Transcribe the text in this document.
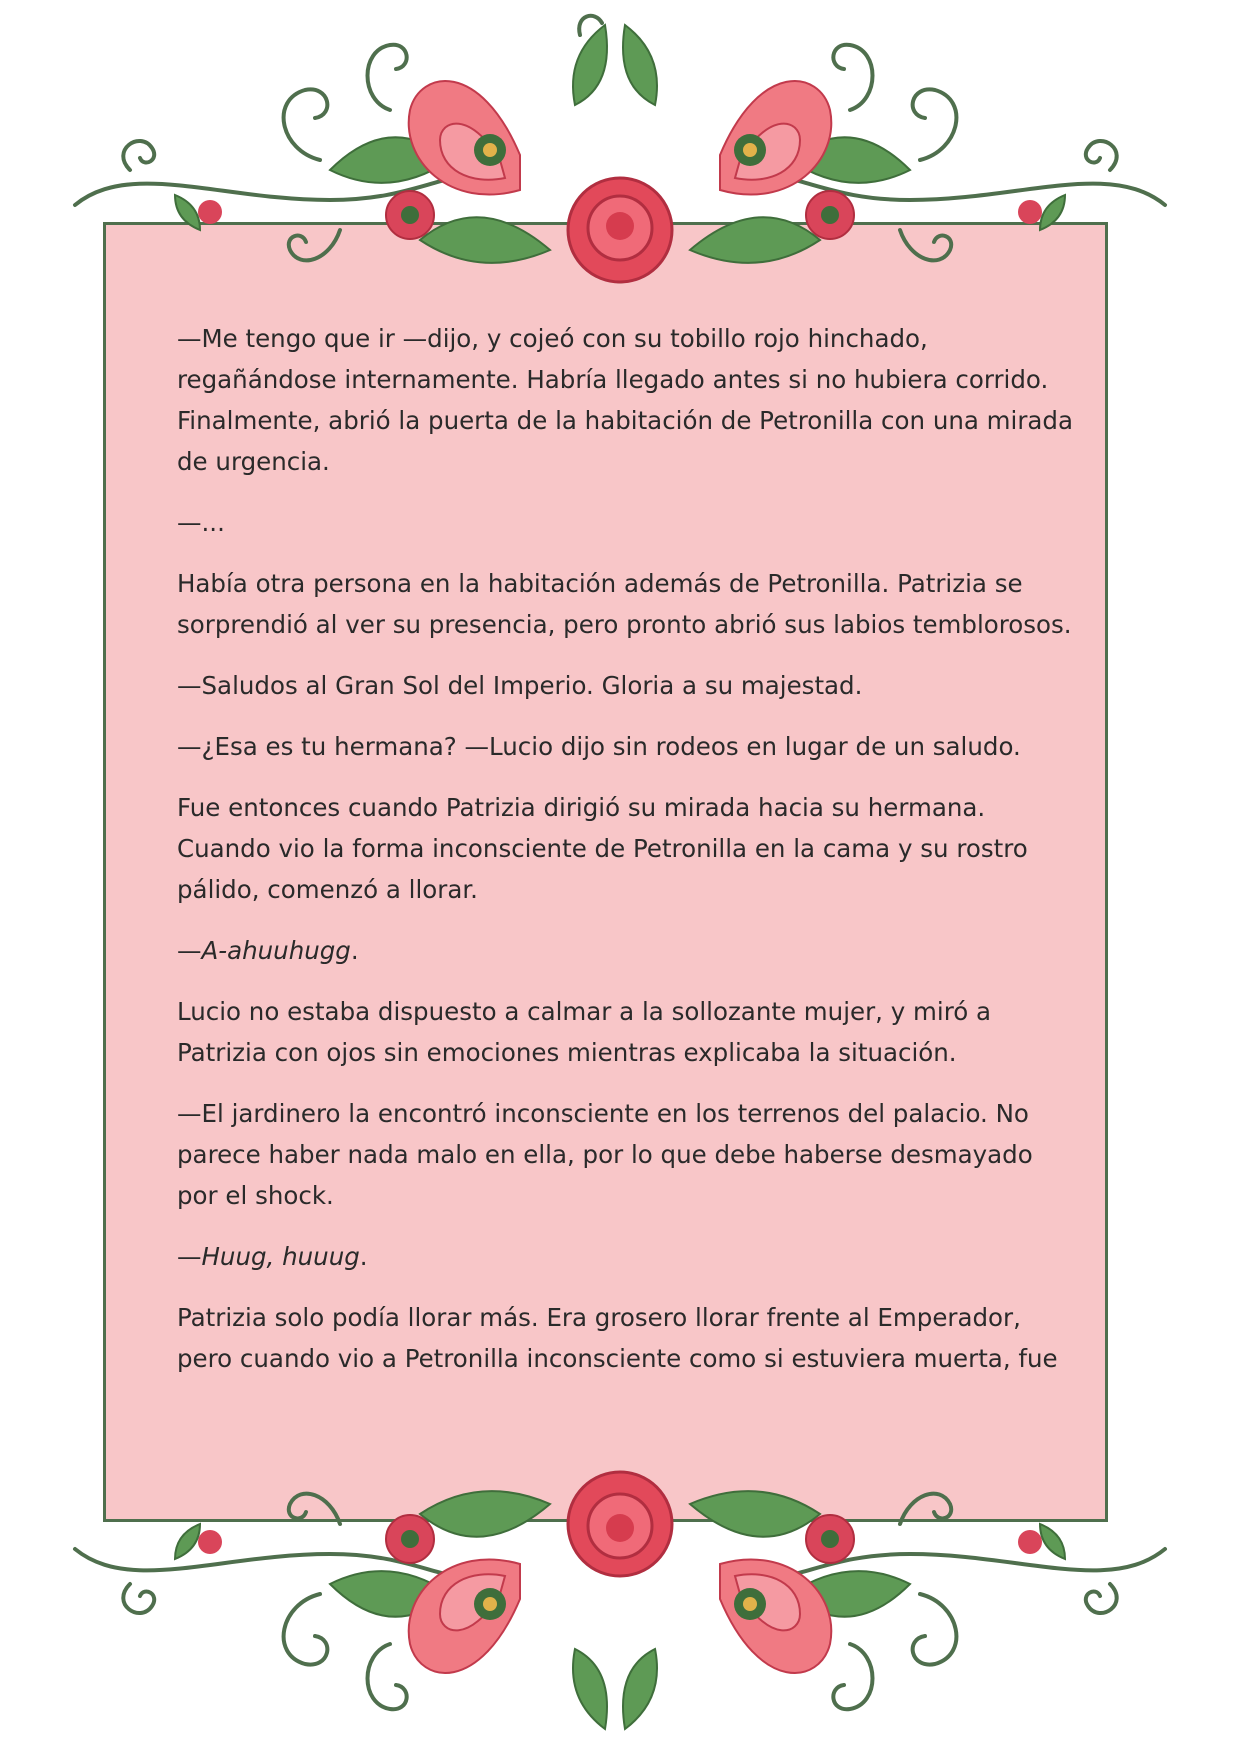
—Me tengo que ir —dijo, y cojeó con su tobillo rojo hinchado, regañándose internamente. Habría llegado antes si no hubiera corrido. Finalmente, abrió la puerta de la habitación de Petronilla con una mirada de urgencia.

—...

Había otra persona en la habitación además de Petronilla. Patrizia se sorprendió al ver su presencia, pero pronto abrió sus labios temblorosos.

—Saludos al Gran Sol del Imperio. Gloria a su majestad.

—¿Esa es tu hermana? —Lucio dijo sin rodeos en lugar de un saludo.

Fue entonces cuando Patrizia dirigió su mirada hacia su hermana. Cuando vio la forma inconsciente de Petronilla en la cama y su rostro pálido, comenzó a llorar.

—A-ahuuhugg.

Lucio no estaba dispuesto a calmar a la sollozante mujer, y miró a Patrizia con ojos sin emociones mientras explicaba la situación.

—El jardinero la encontró inconsciente en los terrenos del palacio. No parece haber nada malo en ella, por lo que debe haberse desmayado por el shock.

—Huug, huuug.

Patrizia solo podía llorar más. Era grosero llorar frente al Emperador, pero cuando vio a Petronilla inconsciente como si estuviera muerta, fue
